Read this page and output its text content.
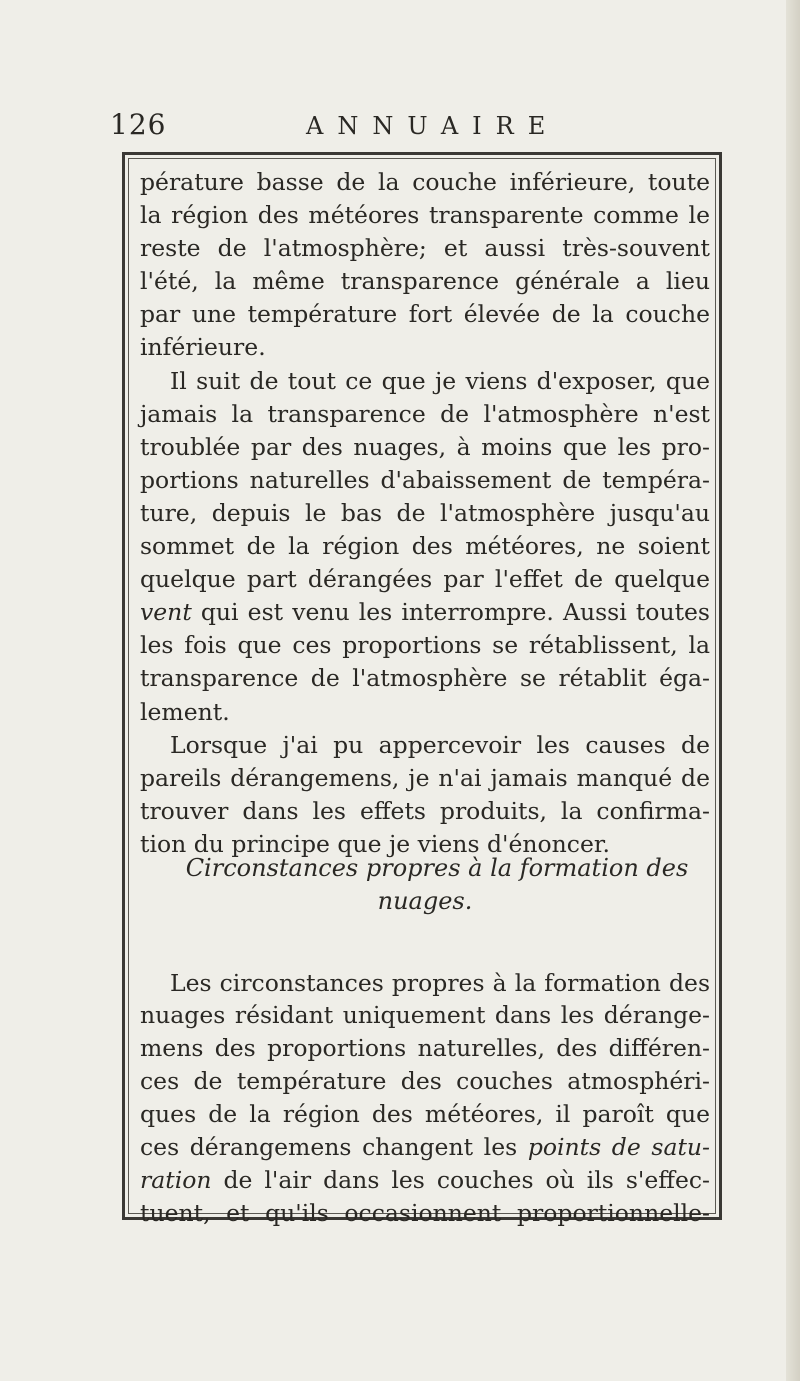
126	ANNUAIRE

pérature basse de la couche inférieure, toute
la région des météores transparente comme le
reste de l'atmosphère; et aussi très-souvent
l'été, la même transparence générale a lieu
par une température fort élevée de la couche
inférieure.

Il suit de tout ce que je viens d'exposer, que
jamais la transparence de l'atmosphère n'est
troublée par des nuages, à moins que les pro-
portions naturelles d'abaissement de tempéra-
ture, depuis le bas de l'atmosphère jusqu'au
sommet de la région des météores, ne soient
quelque part dérangées par l'effet de quelque
vent qui est venu les interrompre. Aussi toutes
les fois que ces proportions se rétablissent, la
transparence de l'atmosphère se rétablit éga-
lement.

Lorsque j'ai pu appercevoir les causes de
pareils dérangemens, je n'ai jamais manqué de
trouver dans les effets produits, la confirma-
tion du principe que je viens d'énoncer.

Circonstances propres à la formation des
nuages.

Les circonstances propres à la formation des
nuages résidant uniquement dans les dérange-
mens des proportions naturelles, des différen-
ces de température des couches atmosphéri-
ques de la région des météores, il paroît que
ces dérangemens changent les points de satu-
ration de l'air dans les couches où ils s'effec-
tuent, et qu'ils occasionnent proportionnelle-
